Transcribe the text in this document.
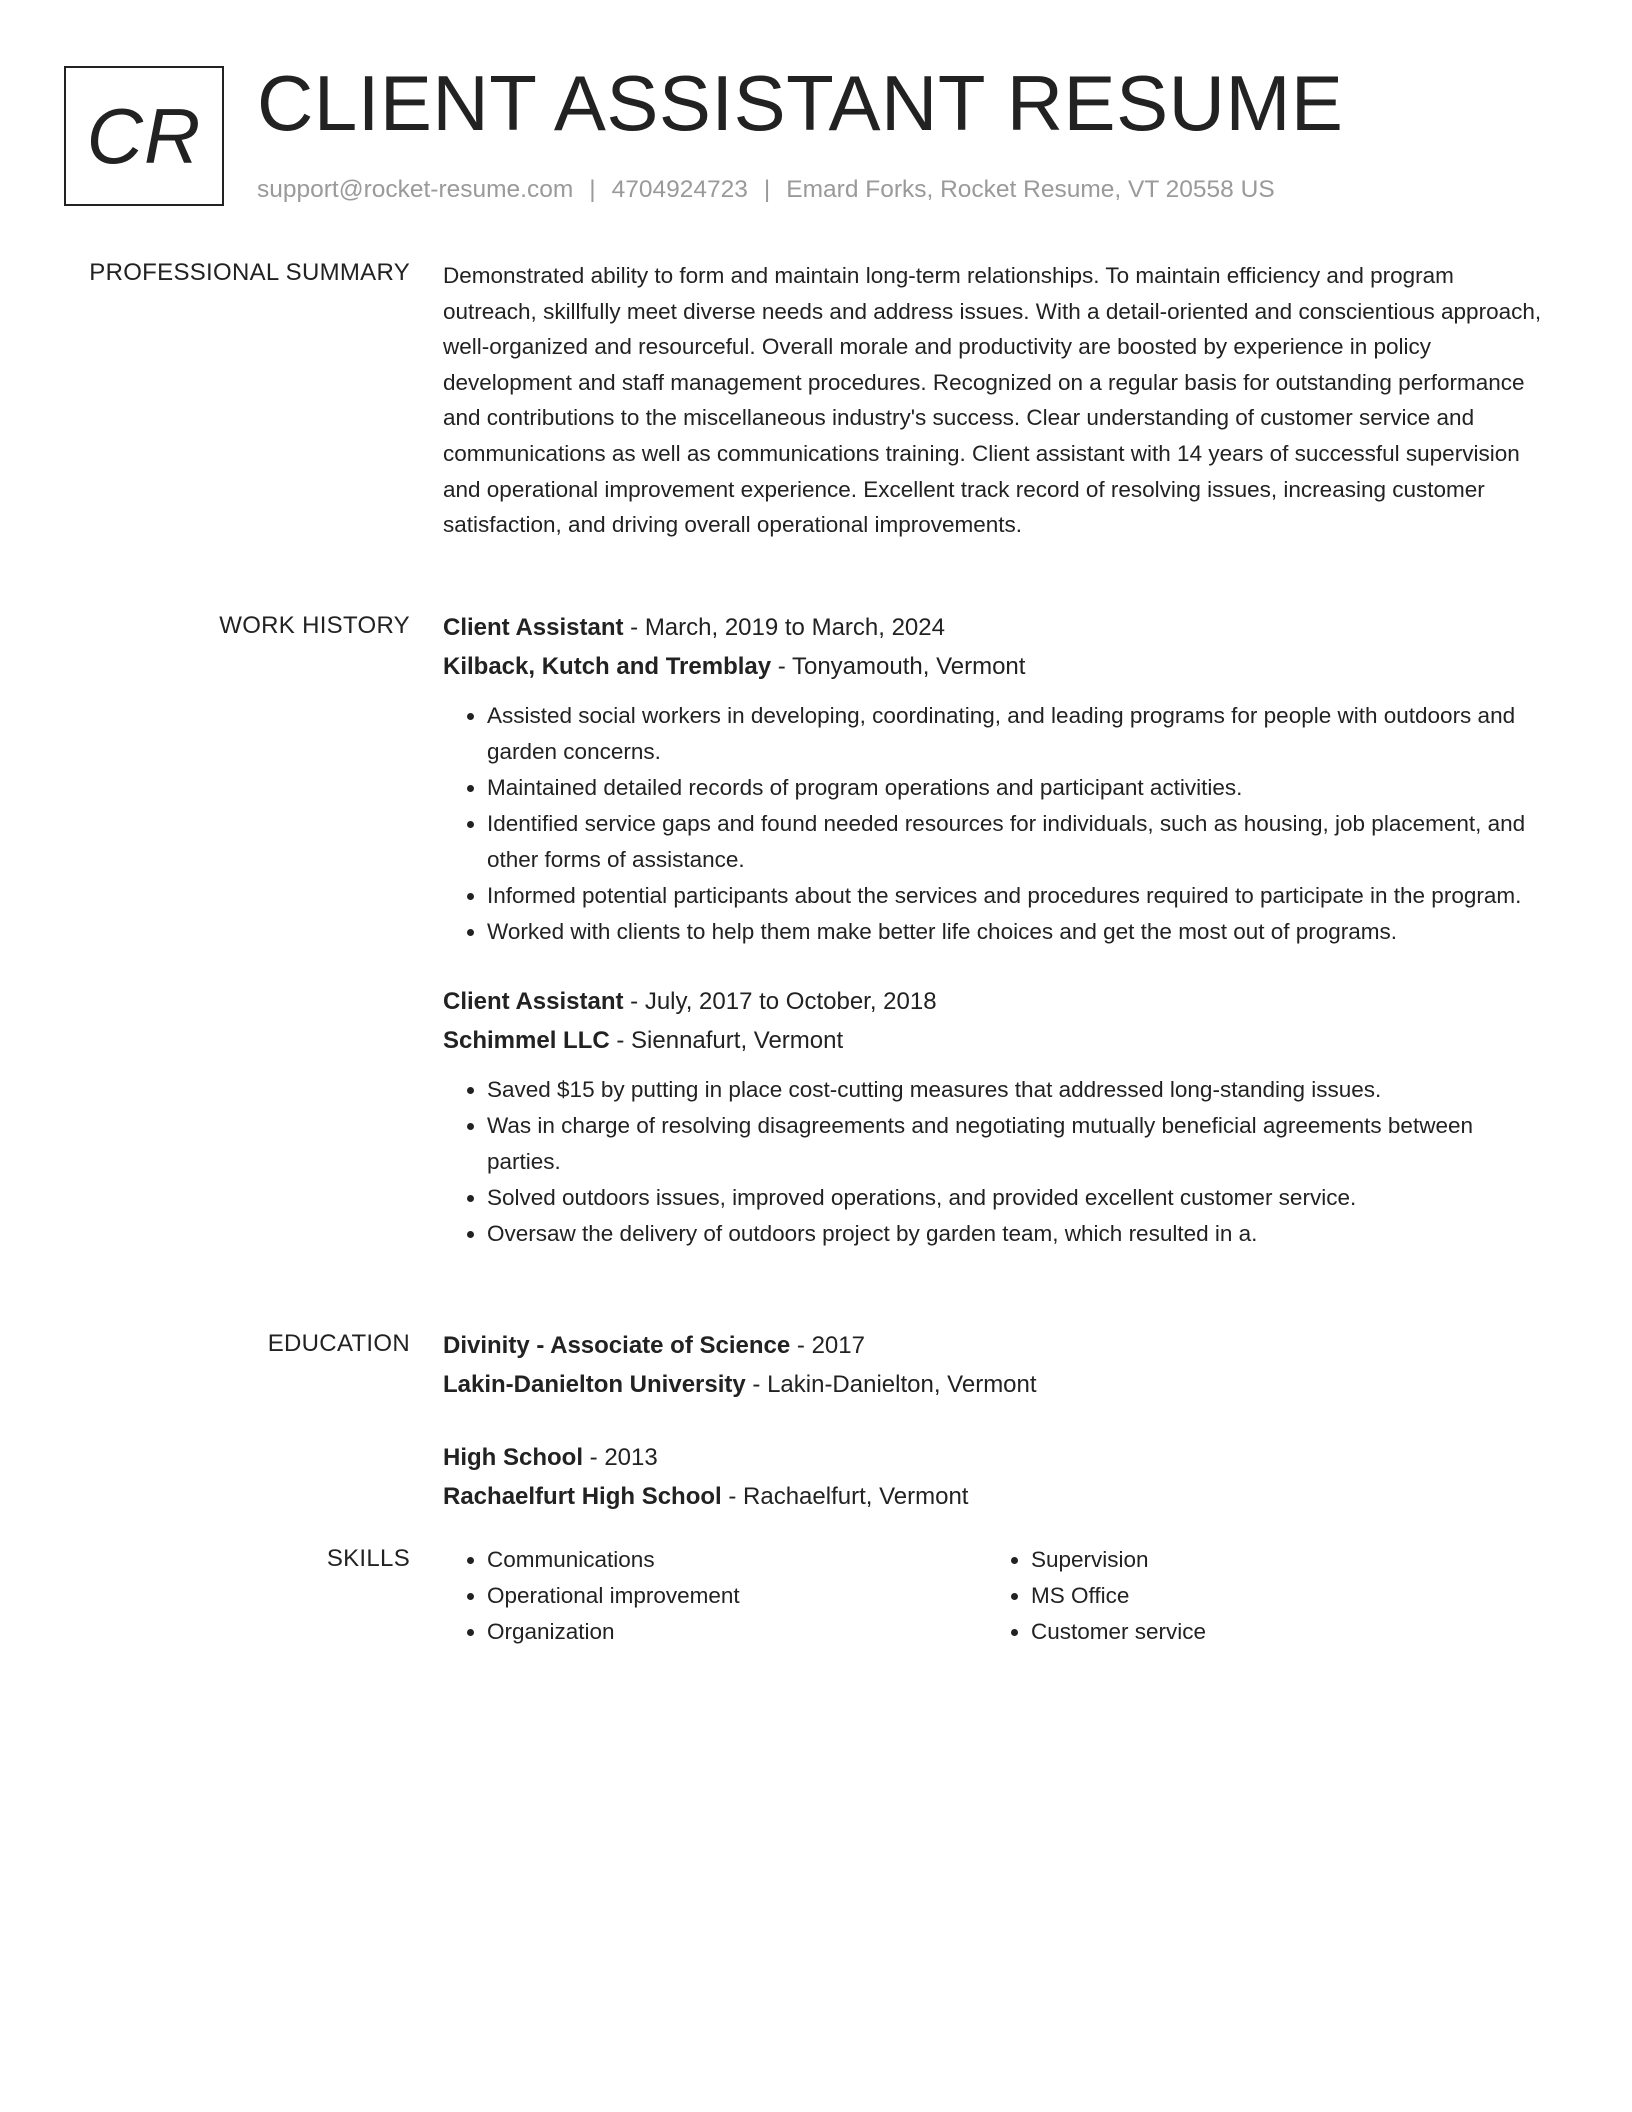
CR CLIENT ASSISTANT RESUME
support@rocket-resume.com | 4704924723 | Emard Forks, Rocket Resume, VT 20558 US
PROFESSIONAL SUMMARY Demonstrated ability to form and maintain long-term relationships. To maintain efficiency and program outreach, skillfully meet diverse needs and address issues. With a detail-oriented and conscientious approach, well-organized and resourceful. Overall morale and productivity are boosted by experience in policy development and staff management procedures. Recognized on a regular basis for outstanding performance and contributions to the miscellaneous industry's success. Clear understanding of customer service and communications as well as communications training. Client assistant with 14 years of successful supervision and operational improvement experience. Excellent track record of resolving issues, increasing customer satisfaction, and driving overall operational improvements.

WORK HISTORY Client Assistant - March, 2019 to March, 2024
Kilback, Kutch and Tremblay - Tonyamouth, Vermont
• Assisted social workers in developing, coordinating, and leading programs for people with outdoors and garden concerns.
• Maintained detailed records of program operations and participant activities.
• Identified service gaps and found needed resources for individuals, such as housing, job placement, and other forms of assistance.
• Informed potential participants about the services and procedures required to participate in the program.
• Worked with clients to help them make better life choices and get the most out of programs.
Client Assistant - July, 2017 to October, 2018
Schimmel LLC - Siennafurt, Vermont
• Saved $15 by putting in place cost-cutting measures that addressed long-standing issues.
• Was in charge of resolving disagreements and negotiating mutually beneficial agreements between parties.
• Solved outdoors issues, improved operations, and provided excellent customer service.
• Oversaw the delivery of outdoors project by garden team, which resulted in a.
EDUCATION Divinity - Associate of Science - 2017
Lakin-Danielton University - Lakin-Danielton, Vermont
High School - 2013
Rachaelfurt High School - Rachaelfurt, Vermont
SKILLS
•	Communications
• Operational improvement
• Organization
• Supervision
• MS Office
• Customer service
